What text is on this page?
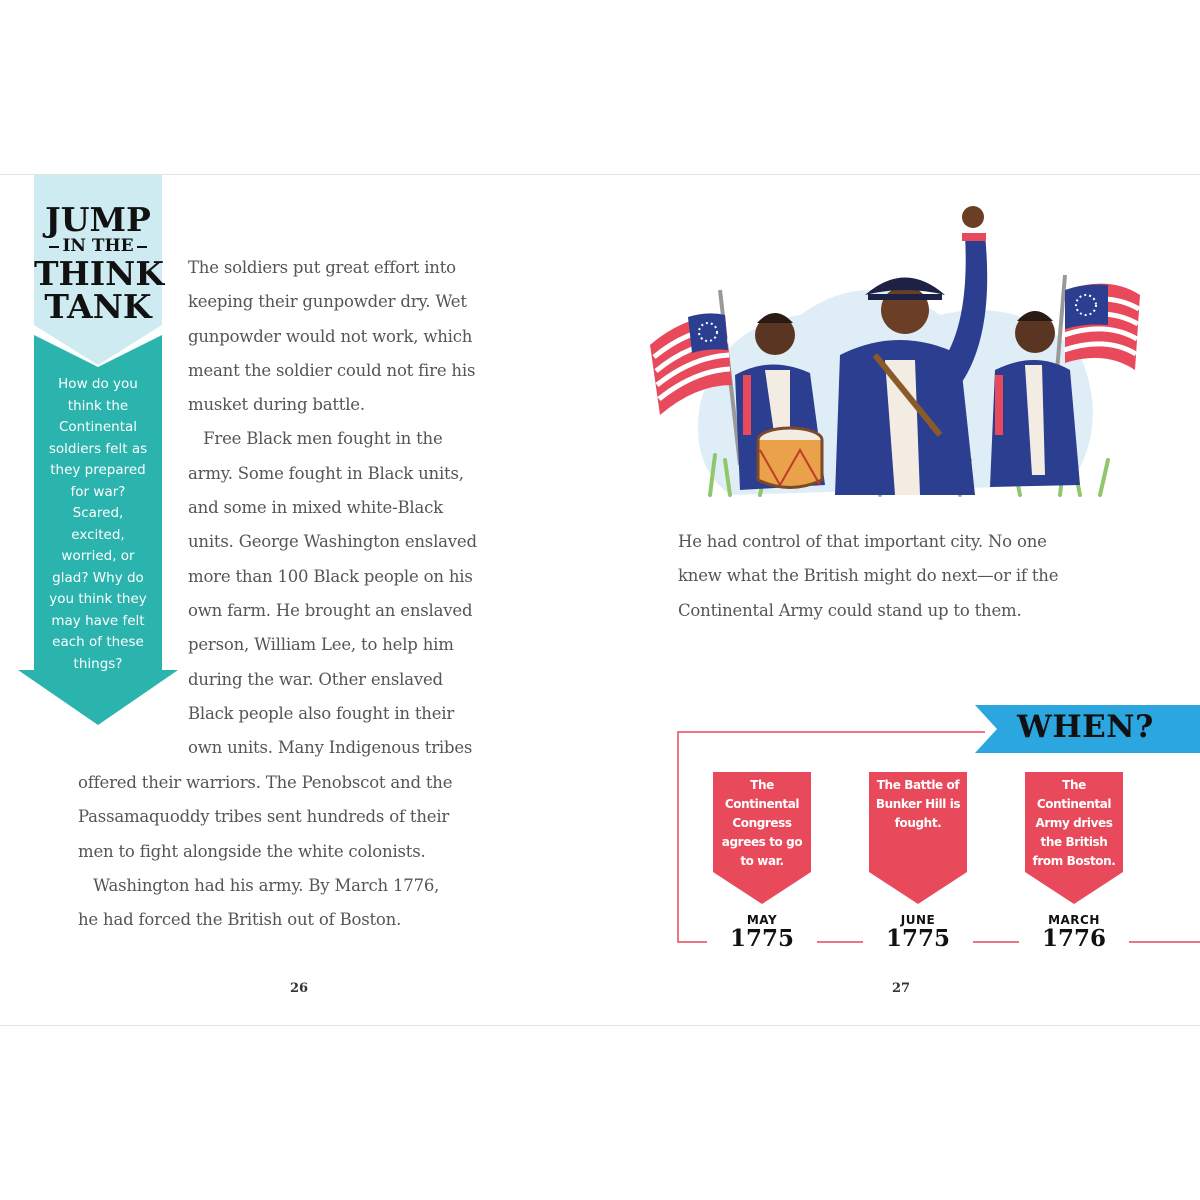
JUMP
IN THE
THINK
TANK
How do you think the Continental soldiers felt as they prepared for war? Scared, excited, worried, or glad? Why do you think they may have felt each of these things?

The soldiers put great effort into

keeping their gunpowder dry. Wet

gunpowder would not work, which

meant the soldier could not fire his

musket during battle.

Free Black men fought in the

army. Some fought in Black units,

and some in mixed white-Black

units. George Washington enslaved

more than 100 Black people on his

own farm. He brought an enslaved

person, William Lee, to help him

during the war. Other enslaved

Black people also fought in their

own units. Many Indigenous tribes

offered their warriors. The Penobscot and the

Passamaquoddy tribes sent hundreds of their

men to fight alongside the white colonists.

Washington had his army. By March 1776,

he had forced the British out of Boston.

26

He had control of that important city. No one

knew what the British might do next—or if the

Continental Army could stand up to them.

27
WHEN?
The Continental Congress agrees to go to war.
The Battle of Bunker Hill is fought.
The Continental Army drives the British from Boston.
MAY
1775
JUNE
1775
MARCH
1776
